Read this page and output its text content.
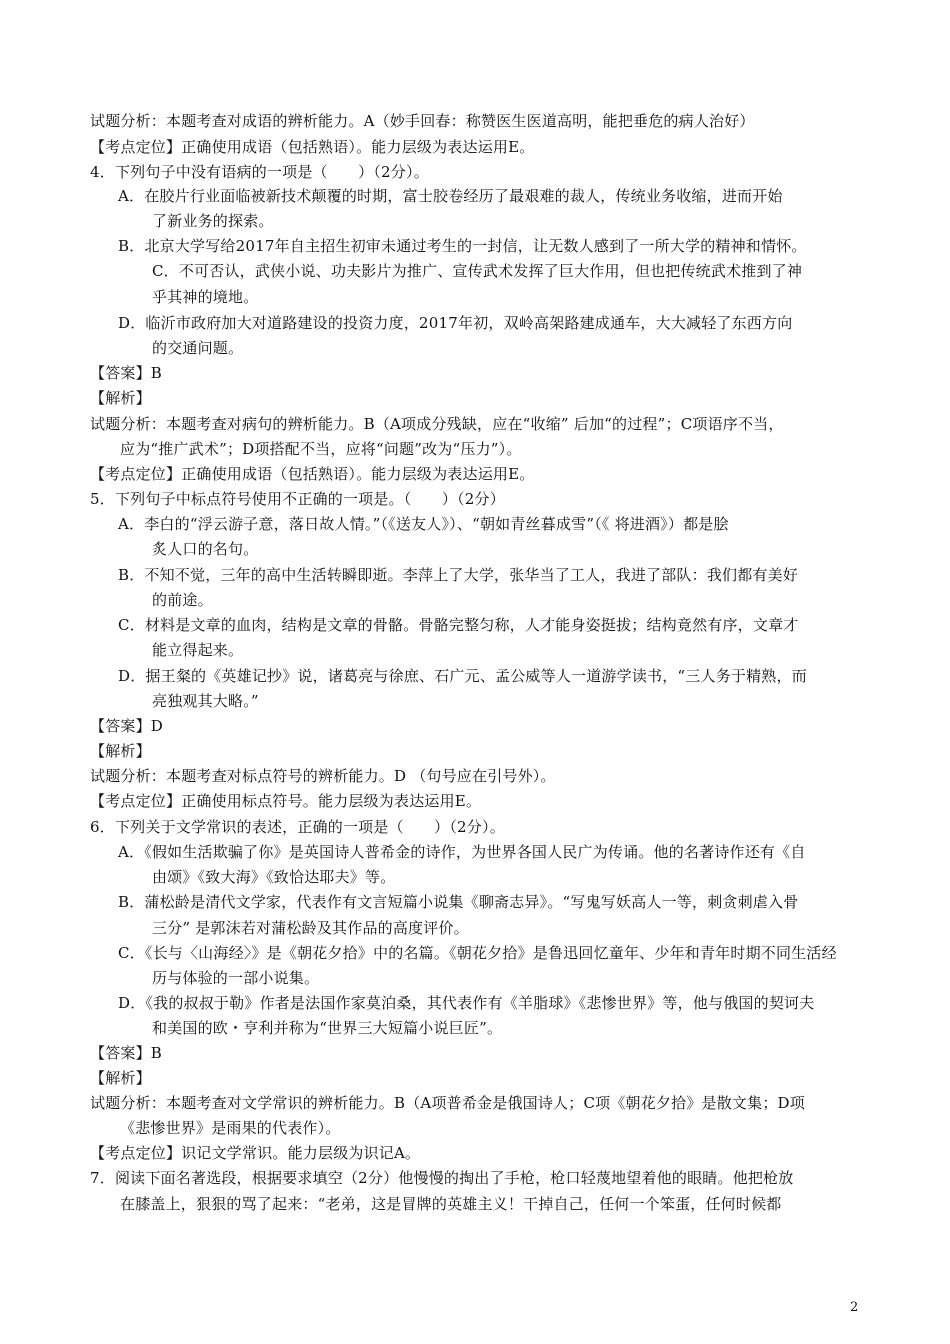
试题分析：本题考查对成语的辨析能力。A（妙手回春：称赞医生医道高明，能把垂危的病人治好）
【考点定位】正确使用成语（包括熟语）。能力层级为表达运用E。
4．下列句子中没有语病的一项是（　　）（2分）。
A．在胶片行业面临被新技术颠覆的时期，富士胶卷经历了最艰难的裁人，传统业务收缩，进而开始
了新业务的探索。
B．北京大学写给2017年自主招生初审未通过考生的一封信，让无数人感到了一所大学的精神和情怀。
C．不可否认，武侠小说、功夫影片为推广、宣传武术发挥了巨大作用，但也把传统武术推到了神
乎其神的境地。
D．临沂市政府加大对道路建设的投资力度，2017年初，双岭高架路建成通车，大大减轻了东西方向
的交通问题。
【答案】B
【解析】
试题分析：本题考查对病句的辨析能力。B（A项成分残缺，应在“收缩” 后加“的过程”；C项语序不当，
应为“推广武术”；D项搭配不当，应将“问题”改为“压力”）。
【考点定位】正确使用成语（包括熟语）。能力层级为表达运用E。
5．下列句子中标点符号使用不正确的一项是。（　　）（2分）
A．李白的“浮云游子意，落日故人情。”（《送友人》）、“朝如青丝暮成雪”（《 将进酒》）都是脍
炙人口的名句。
B．不知不觉，三年的高中生活转瞬即逝。李萍上了大学，张华当了工人，我进了部队：我们都有美好
的前途。
C．材料是文章的血肉，结构是文章的骨骼。骨骼完整匀称，人才能身姿挺拔；结构竟然有序，文章才
能立得起来。
D．据王粲的《英雄记抄》说，诸葛亮与徐庶、石广元、孟公威等人一道游学读书，“三人务于精熟，而
亮独观其大略。”
【答案】D
【解析】
试题分析：本题考查对标点符号的辨析能力。D （句号应在引号外）。
【考点定位】正确使用标点符号。能力层级为表达运用E。
6．下列关于文学常识的表述，正确的一项是（　　）（2分）。
A．《假如生活欺骗了你》是英国诗人普希金的诗作，为世界各国人民广为传诵。他的名著诗作还有《自
由颂》《致大海》《致恰达耶夫》等。
B．蒲松龄是清代文学家，代表作有文言短篇小说集《聊斋志异》。“写鬼写妖高人一等，刺贪刺虐入骨
三分” 是郭沫若对蒲松龄及其作品的高度评价。
C．《长与〈山海经〉》是《朝花夕拾》中的名篇。《朝花夕拾》是鲁迅回忆童年、少年和青年时期不同生活经
历与体验的一部小说集。
D．《我的叔叔于勒》作者是法国作家莫泊桑，其代表作有《羊脂球》《悲惨世界》等，他与俄国的契诃夫
和美国的欧・亨利并称为“世界三大短篇小说巨匠”。
【答案】B
【解析】
试题分析：本题考查对文学常识的辨析能力。B（A项普希金是俄国诗人；C项《朝花夕拾》是散文集；D项
《悲惨世界》是雨果的代表作）。
【考点定位】识记文学常识。能力层级为识记A。
7．阅读下面名著选段，根据要求填空（2分）他慢慢的掏出了手枪，枪口轻蔑地望着他的眼睛。他把枪放
在膝盖上，狠狠的骂了起来：“老弟，这是冒牌的英雄主义！干掉自己，任何一个笨蛋，任何时候都
2
